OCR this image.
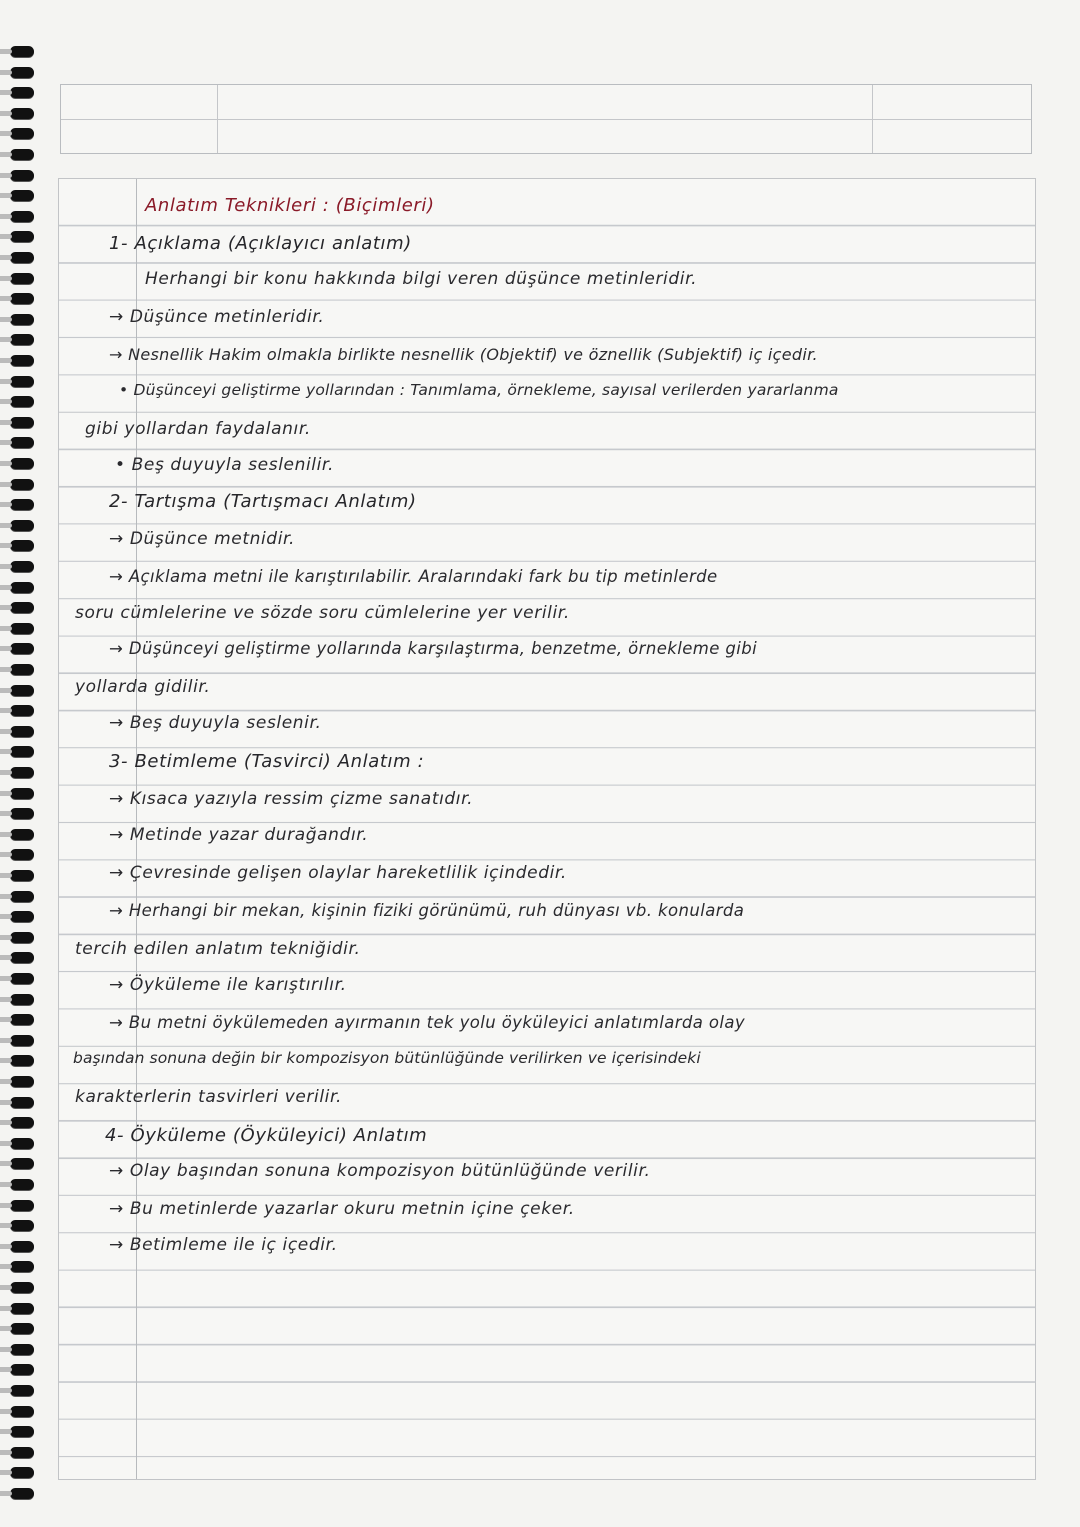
Anlatım Teknikleri : (Biçimleri)
1- Açıklama (Açıklayıcı anlatım)
Herhangi bir konu hakkında bilgi veren düşünce metinleridir.
→ Düşünce metinleridir.
→ Nesnellik Hakim olmakla birlikte nesnellik (Objektif) ve öznellik (Subjektif) iç içedir.
• Düşünceyi geliştirme yollarından : Tanımlama, örnekleme, sayısal verilerden yararlanma
gibi yollardan faydalanır.
• Beş duyuyla seslenilir.
2- Tartışma (Tartışmacı Anlatım)
→ Düşünce metnidir.
→ Açıklama metni ile karıştırılabilir. Aralarındaki fark bu tip metinlerde
soru cümlelerine ve sözde soru cümlelerine yer verilir.
→ Düşünceyi geliştirme yollarında karşılaştırma, benzetme, örnekleme gibi
yollarda gidilir.
→ Beş duyuyla seslenir.
3- Betimleme (Tasvirci) Anlatım :
→ Kısaca yazıyla ressim çizme sanatıdır.
→ Metinde yazar durağandır.
→ Çevresinde gelişen olaylar hareketlilik içindedir.
→ Herhangi bir mekan, kişinin fiziki görünümü, ruh dünyası vb. konularda
tercih edilen anlatım tekniğidir.
→ Öyküleme ile karıştırılır.
→ Bu metni öykülemeden ayırmanın tek yolu öyküleyici anlatımlarda olay
başından sonuna değin bir kompozisyon bütünlüğünde verilirken ve içerisindeki
karakterlerin tasvirleri verilir.
4- Öyküleme (Öyküleyici) Anlatım
→ Olay başından sonuna kompozisyon bütünlüğünde verilir.
→ Bu metinlerde yazarlar okuru metnin içine çeker.
→ Betimleme ile iç içedir.
